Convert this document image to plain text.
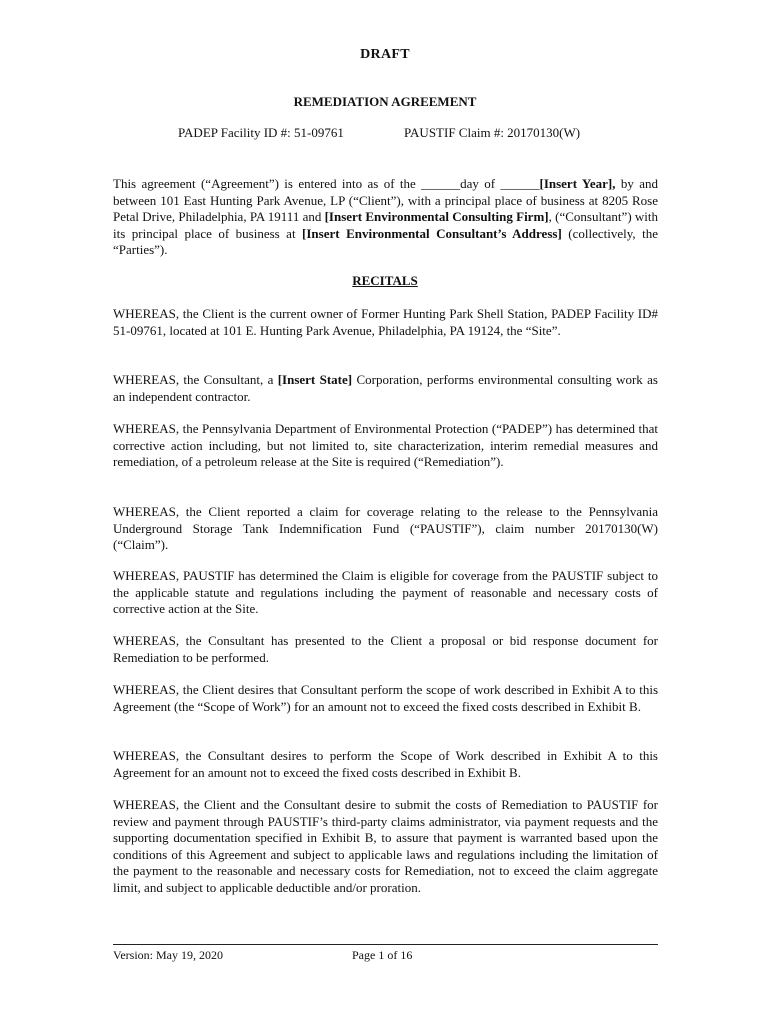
DRAFT
REMEDIATION AGREEMENT
PADEP Facility ID #: 51-09761	PAUSTIF Claim #: 20170130(W)
This agreement (“Agreement”) is entered into as of the ______day of ______[Insert Year], by and between 101 East Hunting Park Avenue, LP (“Client”), with a principal place of business at 8205 Rose Petal Drive, Philadelphia, PA 19111 and [Insert Environmental Consulting Firm], (“Consultant”) with its principal place of business at [Insert Environmental Consultant’s Address] (collectively, the “Parties”).
RECITALS
WHEREAS, the Client is the current owner of Former Hunting Park Shell Station, PADEP Facility ID# 51-09761, located at 101 E. Hunting Park Avenue, Philadelphia, PA 19124, the “Site”.
WHEREAS, the Consultant, a [Insert State] Corporation, performs environmental consulting work as an independent contractor.
WHEREAS, the Pennsylvania Department of Environmental Protection (“PADEP”) has determined that corrective action including, but not limited to, site characterization, interim remedial measures and remediation, of a petroleum release at the Site is required (“Remediation”).
WHEREAS, the Client reported a claim for coverage relating to the release to the Pennsylvania Underground Storage Tank Indemnification Fund (“PAUSTIF”), claim number 20170130(W) (“Claim”).
WHEREAS, PAUSTIF has determined the Claim is eligible for coverage from the PAUSTIF subject to the applicable statute and regulations including the payment of reasonable and necessary costs of corrective action at the Site.
WHEREAS, the Consultant has presented to the Client a proposal or bid response document for Remediation to be performed.
WHEREAS, the Client desires that Consultant perform the scope of work described in Exhibit A to this Agreement (the “Scope of Work”) for an amount not to exceed the fixed costs described in Exhibit B.
WHEREAS, the Consultant desires to perform the Scope of Work described in Exhibit A to this Agreement for an amount not to exceed the fixed costs described in Exhibit B.
WHEREAS, the Client and the Consultant desire to submit the costs of Remediation to PAUSTIF for review and payment through PAUSTIF’s third-party claims administrator, via payment requests and the supporting documentation specified in Exhibit B, to assure that payment is warranted based upon the conditions of this Agreement and subject to applicable laws and regulations including the limitation of the payment to the reasonable and necessary costs for Remediation, not to exceed the claim aggregate limit, and subject to applicable deductible and/or proration.
Version: May 19, 2020	Page 1 of 16
